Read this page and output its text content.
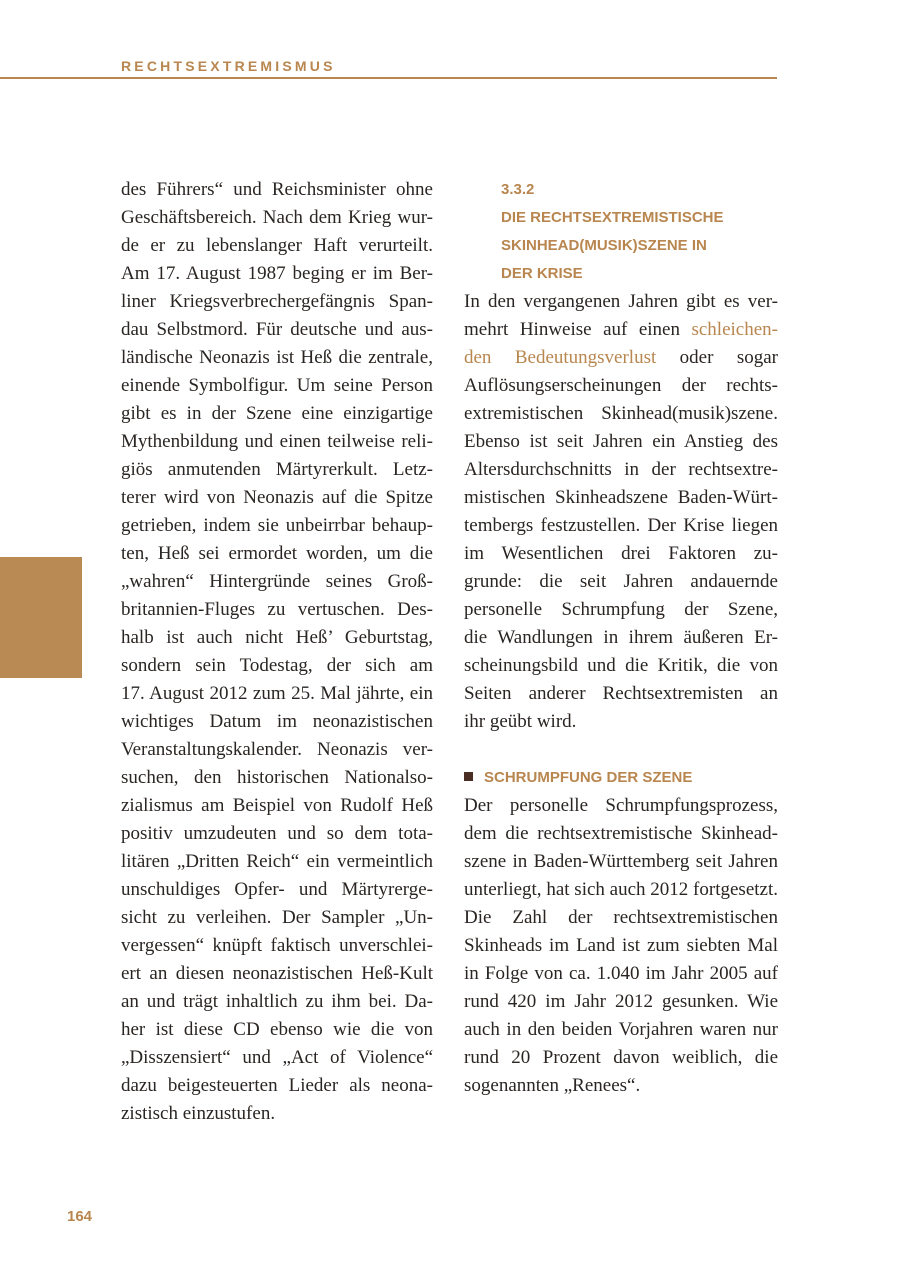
RECHTSEXTREMISMUS

des Führers“ und Reichsminister ohne
Geschäftsbereich. Nach dem Krieg wur-
de er zu lebenslanger Haft verurteilt.
Am 17. August 1987 beging er im Ber-
liner Kriegsverbrechergefängnis Span-
dau Selbstmord. Für deutsche und aus-
ländische Neonazis ist Heß die zentrale,
einende Symbolfigur. Um seine Person
gibt es in der Szene eine einzigartige
Mythenbildung und einen teilweise reli-
giös anmutenden Märtyrerkult. Letz-
terer wird von Neonazis auf die Spitze
getrieben, indem sie unbeirrbar behaup-
ten, Heß sei ermordet worden, um die
„wahren“ Hintergründe seines Groß-
britannien-Fluges zu vertuschen. Des-
halb ist auch nicht Heß’ Geburtstag,
sondern sein Todestag, der sich am
17. August 2012 zum 25. Mal jährte, ein
wichtiges Datum im neonazistischen
Veranstaltungskalender. Neonazis ver-
suchen, den historischen Nationalso-
zialismus am Beispiel von Rudolf Heß
positiv umzudeuten und so dem tota-
litären „Dritten Reich“ ein vermeintlich
unschuldiges Opfer- und Märtyrerge-
sicht zu verleihen. Der Sampler „Un-
vergessen“ knüpft faktisch unverschlei-
ert an diesen neonazistischen Heß-Kult
an und trägt inhaltlich zu ihm bei. Da-
her ist diese CD ebenso wie die von
„Disszensiert“ und „Act of Violence“
dazu beigesteuerten Lieder als neona-
zistisch einzustufen.

3.3.2
DIE RECHTSEXTREMISTISCHE
SKINHEAD(MUSIK)SZENE IN
DER KRISE

In den vergangenen Jahren gibt es ver-
mehrt Hinweise auf einen schleichen-
den Bedeutungsverlust oder sogar
Auflösungserscheinungen der rechts-
extremistischen Skinhead(musik)szene.
Ebenso ist seit Jahren ein Anstieg des
Altersdurchschnitts in der rechtsextre-
mistischen Skinheadszene Baden-Würt-
tembergs festzustellen. Der Krise liegen
im Wesentlichen drei Faktoren zu-
grunde: die seit Jahren andauernde
personelle Schrumpfung der Szene,
die Wandlungen in ihrem äußeren Er-
scheinungsbild und die Kritik, die von
Seiten anderer Rechtsextremisten an
ihr geübt wird.

SCHRUMPFUNG DER SZENE

Der personelle Schrumpfungsprozess,
dem die rechtsextremistische Skinhead-
szene in Baden-Württemberg seit Jahren
unterliegt, hat sich auch 2012 fortgesetzt.
Die Zahl der rechtsextremistischen
Skinheads im Land ist zum siebten Mal
in Folge von ca. 1.040 im Jahr 2005 auf
rund 420 im Jahr 2012 gesunken. Wie
auch in den beiden Vorjahren waren nur
rund 20 Prozent davon weiblich, die
sogenannten „Renees“.

164
